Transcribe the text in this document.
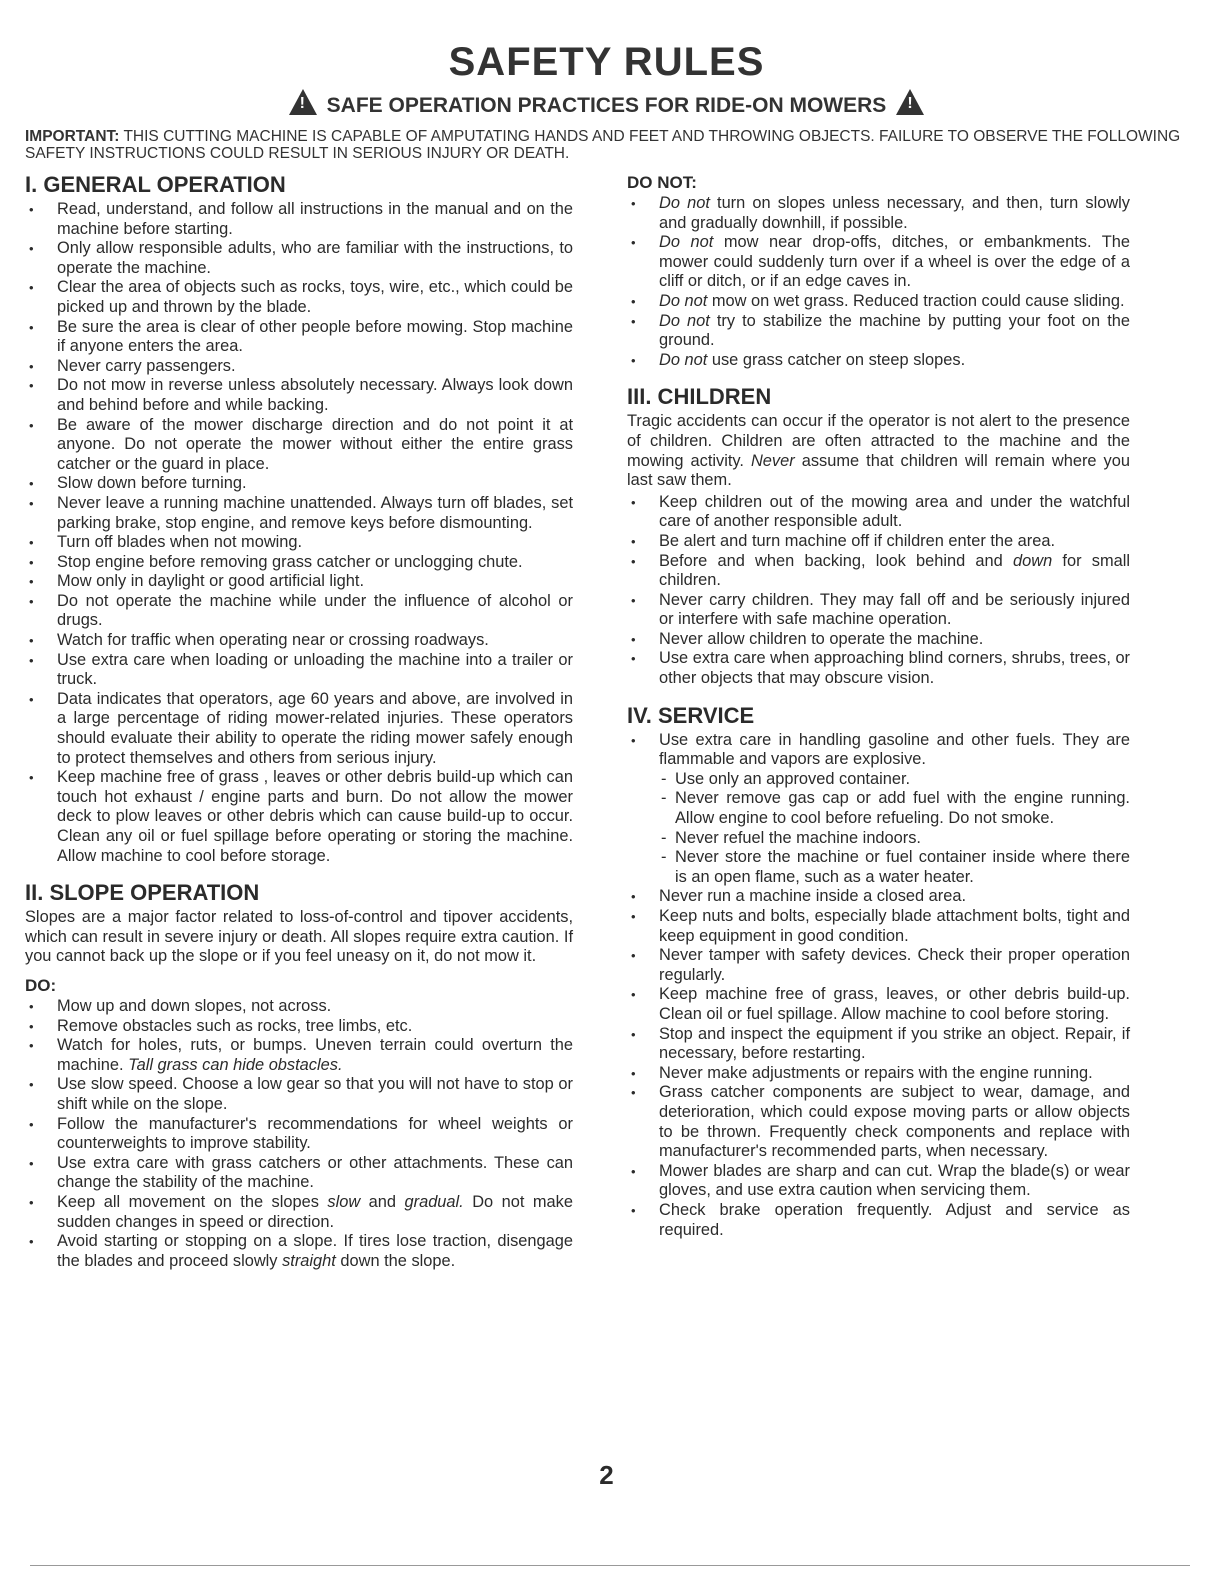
SAFETY RULES
!SAFE OPERATION PRACTICES FOR RIDE-ON MOWERS!
IMPORTANT: THIS CUTTING MACHINE IS CAPABLE OF AMPUTATING HANDS AND FEET AND THROWING OBJECTS. FAILURE TO OBSERVE THE FOLLOWING SAFETY INSTRUCTIONS COULD RESULT IN SERIOUS INJURY OR DEATH.
I. GENERAL OPERATION
• Read, understand, and follow all instructions in the manual and on the machine before starting.
• Only allow responsible adults, who are familiar with the instructions, to operate the machine.
• Clear the area of objects such as rocks, toys, wire, etc., which could be picked up and thrown by the blade.
• Be sure the area is clear of other people before mowing. Stop machine if anyone enters the area.
• Never carry passengers.
• Do not mow in reverse unless absolutely necessary. Always look down and behind before and while backing.
• Be aware of the mower discharge direction and do not point it at anyone. Do not operate the mower without either the entire grass catcher or the guard in place.
• Slow down before turning.
• Never leave a running machine unattended. Always turn off blades, set parking brake, stop engine, and remove keys before dismounting.
• Turn off blades when not mowing.
• Stop engine before removing grass catcher or unclogging chute.
• Mow only in daylight or good artificial light.
• Do not operate the machine while under the influence of alcohol or drugs.
• Watch for traffic when operating near or crossing roadways.
• Use extra care when loading or unloading the machine into a trailer or truck.
• Data indicates that operators, age 60 years and above, are involved in a large percentage of riding mower-related injuries. These operators should evaluate their ability to operate the riding mower safely enough to protect themselves and others from serious injury.
• Keep machine free of grass , leaves or other debris build-up which can touch hot exhaust / engine parts and burn. Do not allow the mower deck to plow leaves or other debris which can cause build-up to occur. Clean any oil or fuel spillage before operating or storing the machine. Allow machine to cool before storage.
II. SLOPE OPERATION

Slopes are a major factor related to loss-of-control and tipover accidents, which can result in severe injury or death. All slopes require extra caution. If you cannot back up the slope or if you feel uneasy on it, do not mow it.

DO:
• Mow up and down slopes, not across.
• Remove obstacles such as rocks, tree limbs, etc.
• Watch for holes, ruts, or bumps. Uneven terrain could overturn the machine. Tall grass can hide obstacles.
• Use slow speed. Choose a low gear so that you will not have to stop or shift while on the slope.
• Follow the manufacturer's recommendations for wheel weights or counterweights to improve stability.
• Use extra care with grass catchers or other attachments. These can change the stability of the machine.
• Keep all movement on the slopes slow and gradual. Do not make sudden changes in speed or direction.
• Avoid starting or stopping on a slope. If tires lose traction, disengage the blades and proceed slowly straight down the slope.
DO NOT:
• Do not turn on slopes unless necessary, and then, turn slowly and gradually downhill, if possible.
• Do not mow near drop-offs, ditches, or embankments. The mower could suddenly turn over if a wheel is over the edge of a cliff or ditch, or if an edge caves in.
• Do not mow on wet grass. Reduced traction could cause sliding.
• Do not try to stabilize the machine by putting your foot on the ground.
• Do not use grass catcher on steep slopes.
III. CHILDREN

Tragic accidents can occur if the operator is not alert to the presence of children. Children are often attracted to the machine and the mowing activity. Never assume that children will remain where you last saw them.

• Keep children out of the mowing area and under the watchful care of another responsible adult.
• Be alert and turn machine off if children enter the area.
• Before and when backing, look behind and down for small children.
• Never carry children. They may fall off and be seriously injured or interfere with safe machine operation.
• Never allow children to operate the machine.
• Use extra care when approaching blind corners, shrubs, trees, or other objects that may obscure vision.
IV. SERVICE
• Use extra care in handling gasoline and other fuels. They are flammable and vapors are explosive.
- Use only an approved container.
- Never remove gas cap or add fuel with the engine running. Allow engine to cool before refueling. Do not smoke.
- Never refuel the machine indoors.
- Never store the machine or fuel container inside where there is an open flame, such as a water heater.
• Never run a machine inside a closed area.
• Keep nuts and bolts, especially blade attachment bolts, tight and keep equipment in good condition.
• Never tamper with safety devices. Check their proper operation regularly.
• Keep machine free of grass, leaves, or other debris build-up. Clean oil or fuel spillage. Allow machine to cool before storing.
• Stop and inspect the equipment if you strike an object. Repair, if necessary, before restarting.
• Never make adjustments or repairs with the engine running.
• Grass catcher components are subject to wear, damage, and deterioration, which could expose moving parts or allow objects to be thrown. Frequently check components and replace with manufacturer's recommended parts, when necessary.
• Mower blades are sharp and can cut. Wrap the blade(s) or wear gloves, and use extra caution when servicing them.
• Check brake operation frequently. Adjust and service as required.
2
